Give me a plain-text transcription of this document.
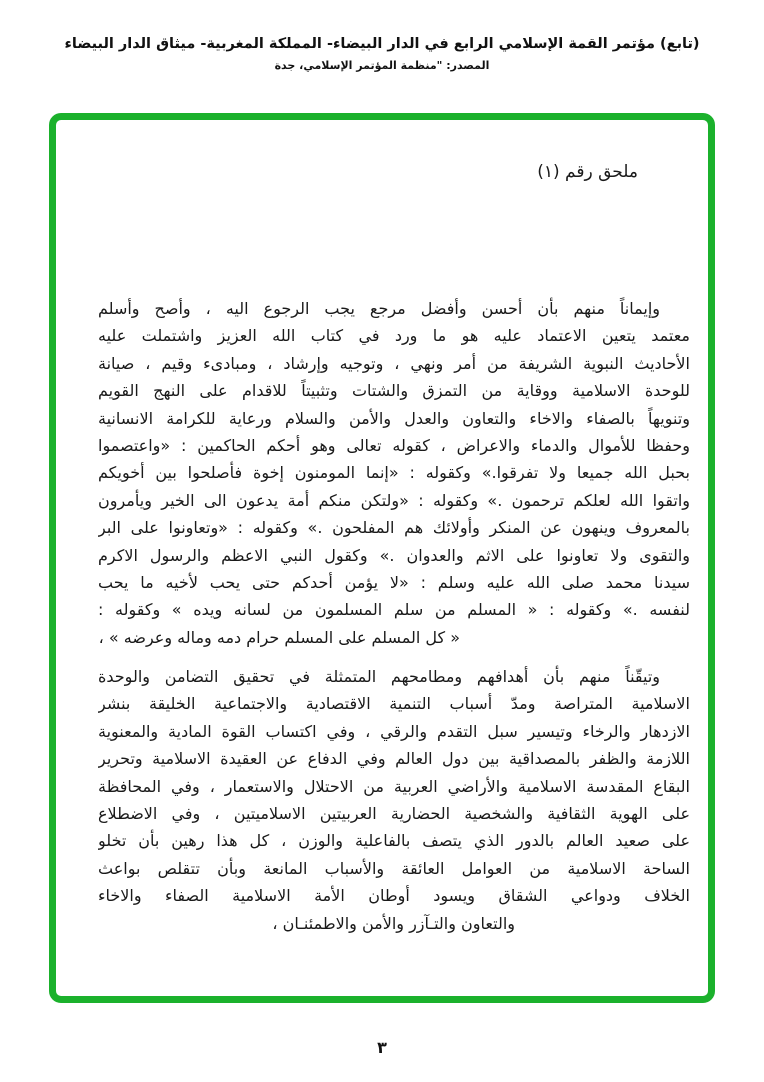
(تابع) مؤتمر القمة الإسلامي الرابع في الدار البيضاء- المملكة المغربية- ميثاق الدار البيضاء
المصدر: "منظمة المؤتمر الإسلامي، جدة
ملحق رقم (١)
وإيماناً منهم بأن أحسن وأفضل مرجع يجب الرجوع اليه ، وأصح وأسلم
معتمد يتعين الاعتماد عليه هو ما ورد في كتاب الله العزيز واشتملت عليه
الأحاديث النبوية الشريفة من أمر ونهي ، وتوجيه وإرشاد ، ومبادىء وقيم ، صيانة
للوحدة الاسلامية ووقاية من التمزق والشتات وتثبيتاً للاقدام على النهج القويم
وتنويهاً بالصفاء والاخاء والتعاون والعدل والأمن والسلام ورعاية للكرامة الانسانية
وحفظا للأموال والدماء والاعراض ، كقوله تعالى وهو أحكم الحاكمين : «واعتصموا
بحبل الله جميعا ولا تفرقوا.» وكقوله : «إنما المومنون إخوة فأصلحوا بين أخويكم
واتقوا الله لعلكم ترحمون .» وكقوله : «ولتكن منكم أمة يدعون الى الخير ويأمرون
بالمعروف وينهون عن المنكر وأولائك هم المفلحون .» وكقوله : «وتعاونوا على البر
والتقوى ولا تعاونوا على الاثم والعدوان .» وكقول النبي الاعظم والرسول الاكرم
سيدنا محمد صلى الله عليه وسلم : «لا يؤمن أحدكم حتى يحب لأخيه ما يحب
لنفسه .» وكقوله : « المسلم من سلم المسلمون من لسانه ويده » وكقوله :
« كل المسلم على المسلم حرام دمه وماله وعرضه » ،
وتيقّناً منهم بأن أهدافهم ومطامحهم المتمثلة في تحقيق التضامن والوحدة
الاسلامية المتراصة ومدّ أسباب التنمية الاقتصادية والاجتماعية الخليقة بنشر
الازدهار والرخاء وتيسير سبل التقدم والرقي ، وفي اكتساب القوة المادية والمعنوية
اللازمة والظفر بالمصداقية بين دول العالم وفي الدفاع عن العقيدة الاسلامية وتحرير
البقاع المقدسة الاسلامية والأراضي العربية من الاحتلال والاستعمار ، وفي المحافظة
على الهوية الثقافية والشخصية الحضارية العربيتين الاسلاميتين ، وفي الاضطلاع
على صعيد العالم بالدور الذي يتصف بالفاعلية والوزن ، كل هذا رهين بأن تخلو
الساحة الاسلامية من العوامل العائقة والأسباب المانعة وبأن تتقلص بواعث
الخلاف ودواعي الشقاق ويسود أوطان الأمة الاسلامية الصفاء والاخاء
والتعاون والتـآزر والأمن والاطمئنـان ،
٣
